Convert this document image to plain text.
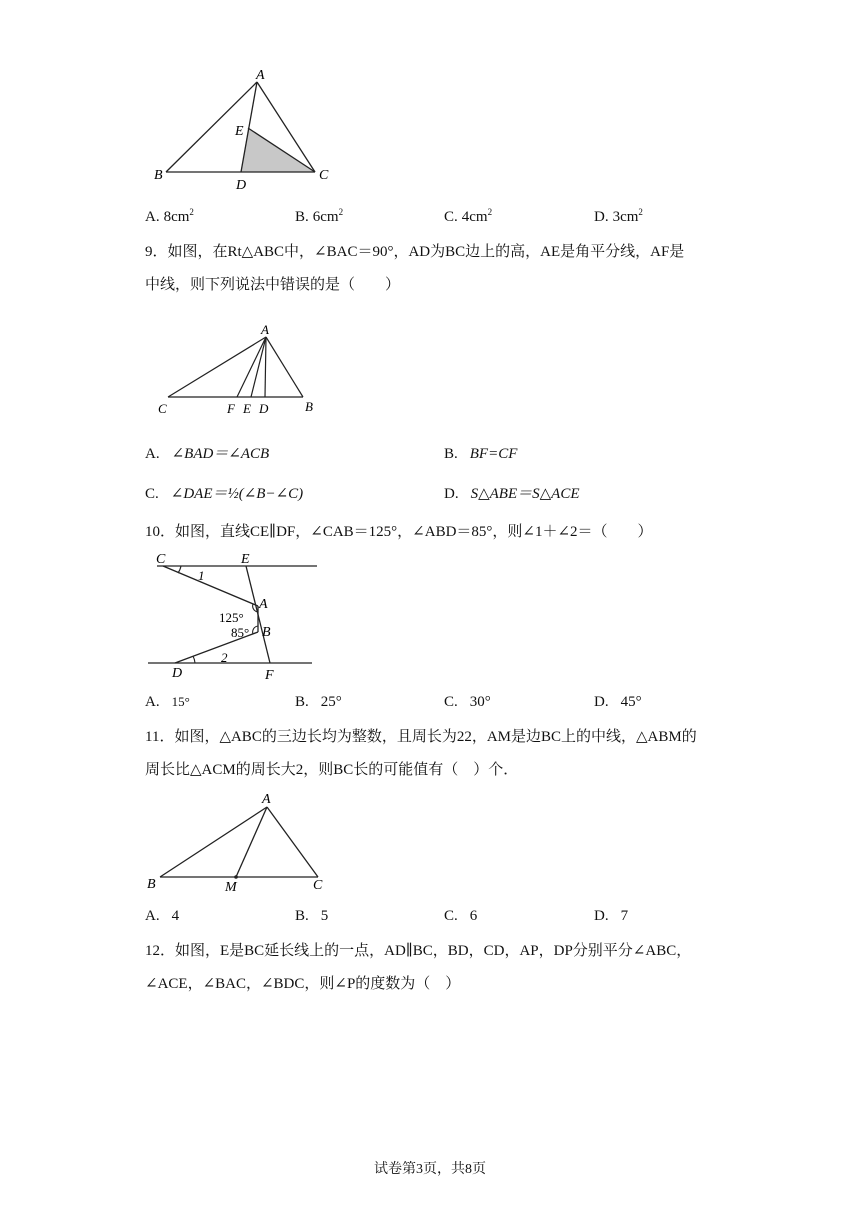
A
E
B
D
C
A. $8cm^2$	B. $6cm^2$	C. $4cm^2$	D. $3cm^2$
9．如图，在Rt△ABC中，∠BAC＝90°，AD为BC边上的高，AE是角平分线，AF是
中线，则下列说法中错误的是（　　）
A
C	F E D	B
A. ∠BAD＝∠ACB	B. BF=CF
C. ∠DAE＝½(∠B−∠C)	D. S△ABE＝S△ACE
10．如图，直线CE∥DF，∠CAB＝125°，∠ABD＝85°，则∠1＋∠2＝（　　）
C	E
A
B
D	F
1
2
125°
85°
A. 15°	B. 25°	C. 30°	D. 45°
11．如图，△ABC的三边长均为整数，且周长为22，AM是边BC上的中线，△ABM的
周长比△ACM的周长大2，则BC长的可能值有（　）个．
A
B	M	C
A. 4	B. 5	C. 6	D. 7
12．如图，E是BC延长线上的一点，AD∥BC，BD，CD，AP，DP分别平分∠ABC，
∠ACE，∠BAC，∠BDC，则∠P的度数为（　）
试卷第3页，共8页
